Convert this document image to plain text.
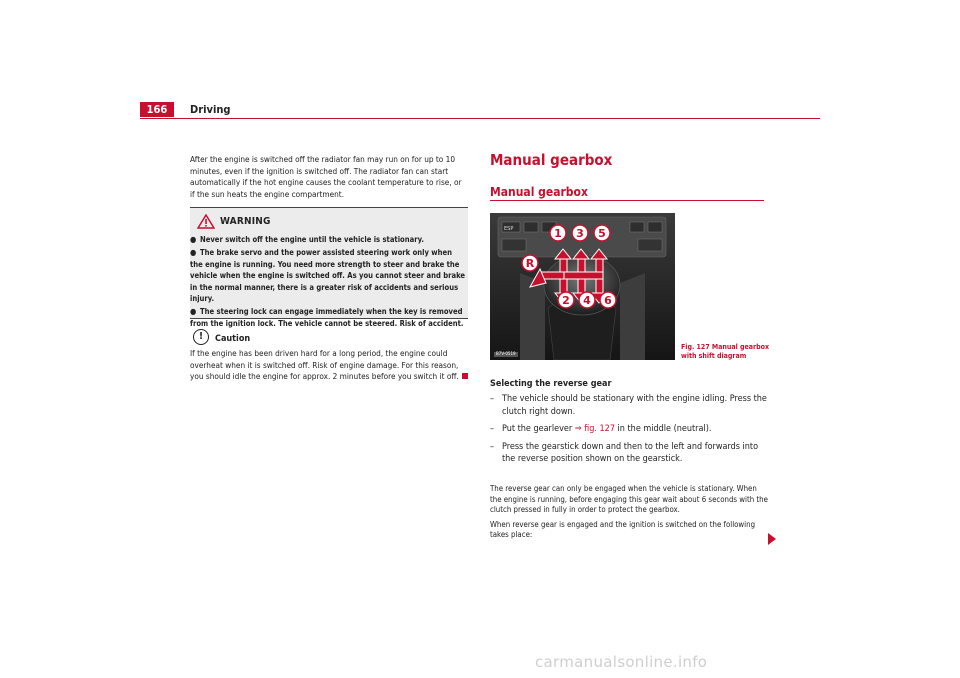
166	Driving

After the engine is switched off the radiator fan may run on for up to 10 minutes, even if the ignition is switched off. The radiator fan can start automatically if the hot engine causes the coolant temperature to rise, or if the sun heats the engine compartment.

WARNING
● Never switch off the engine until the vehicle is stationary.
● The brake servo and the power assisted steering work only when the engine is running. You need more strength to steer and brake the vehicle when the engine is switched off. As you cannot steer and brake in the normal manner, there is a greater risk of accidents and serious injury.
● The steering lock can engage immediately when the key is removed from the ignition lock. The vehicle cannot be steered. Risk of accident.
!	Caution

If the engine has been driven hard for a long period, the engine could overheat when it is switched off. Risk of engine damage. For this reason, you should idle the engine for approx. 2 minutes before you switch it off.

Manual gearbox
Manual gearbox
ESP	1 3 5
R
2 4 6
B7V-0519
Fig. 127 Manual gearbox
with shift diagram
Selecting the reverse gear
– The vehicle should be stationary with the engine idling. Press the clutch right down.
– Put the gearlever ⇒ fig. 127 in the middle (neutral).
– Press the gearstick down and then to the left and forwards into the reverse position shown on the gearstick.

The reverse gear can only be engaged when the vehicle is stationary. When the engine is running, before engaging this gear wait about 6 seconds with the clutch pressed in fully in order to protect the gearbox.

When reverse gear is engaged and the ignition is switched on the following takes place:

carmanualsonline.info
